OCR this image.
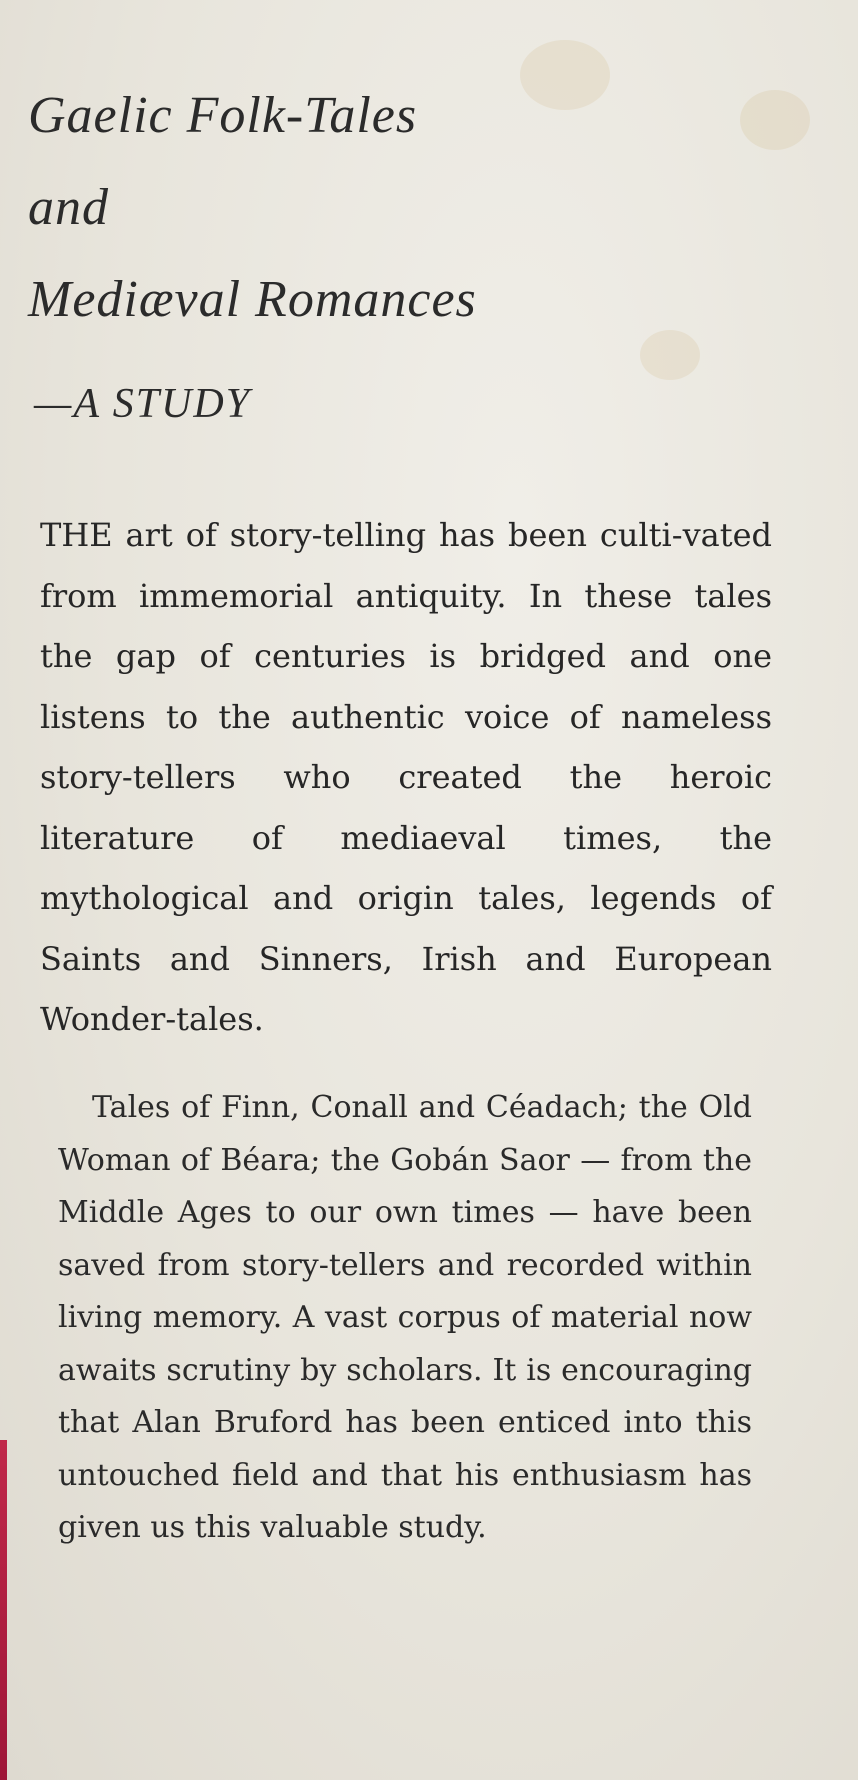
Gaelic Folk-Tales
and
Mediæval Romances
—A STUDY

THE art of story-telling has been culti-vated from immemorial antiquity. In these tales the gap of centuries is bridged and one listens to the authentic voice of nameless story-tellers who created the heroic literature of mediaeval times, the mythological and origin tales, legends of Saints and Sinners, Irish and European Wonder-tales.

Tales of Finn, Conall and Céadach; the Old Woman of Béara; the Gobán Saor — from the Middle Ages to our own times — have been saved from story-tellers and recorded within living memory. A vast corpus of material now awaits scrutiny by scholars. It is encouraging that Alan Bruford has been enticed into this untouched field and that his enthusiasm has given us this valuable study.
